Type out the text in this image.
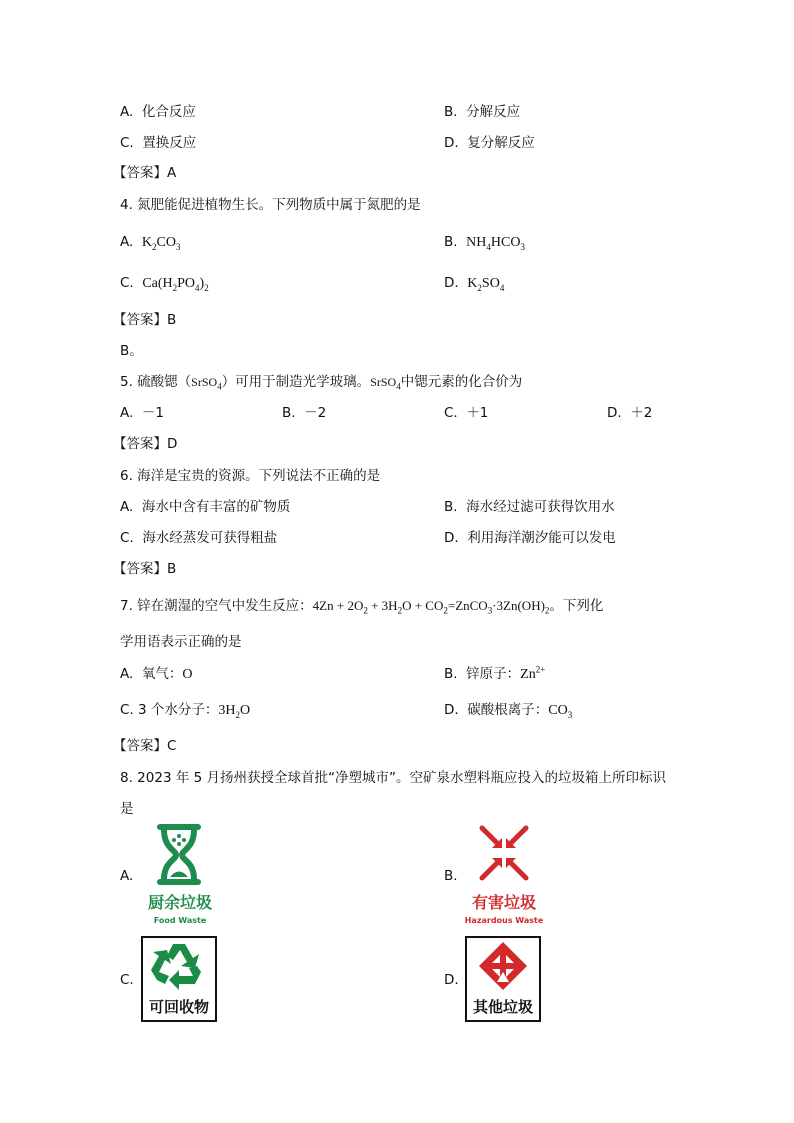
A. 化合反应	B. 分解反应
C. 置换反应	D. 复分解反应
【答案】A
4. 氮肥能促进植物生长。下列物质中属于氮肥的是
A. $K_2CO_3$	B. $NH_4HCO_3$
C. $Ca(H_2PO_4)_2$	D. $K_2SO_4$
【答案】B
B。
5. 硫酸锶（SrSO$_4$）可用于制造光学玻璃。SrSO$_4$中锶元素的化合价为
A. －1	B. －2	C. ＋1	D. ＋2
【答案】D
6. 海洋是宝贵的资源。下列说法不正确的是
A. 海水中含有丰富的矿物质	B. 海水经过滤可获得饮用水
C. 海水经蒸发可获得粗盐	D. 利用海洋潮汐能可以发电
【答案】B
7. 锌在潮湿的空气中发生反应：$4Zn + 2O_2 + 3H_2O$ + $CO_2=ZnCO_3\cdot 3Zn(OH)_2$。下列化
学用语表示正确的是
A. 氧气：O	B. 锌原子：$Zn^{2+}$
C. 3 个水分子：$3H_2O$	D. 碳酸根离子：$CO_3$
【答案】C
8. 2023 年 5 月扬州获授全球首批“净塑城市”。空矿泉水塑料瓶应投入的垃圾箱上所印标识
是
A.	B.
C.	D.
厨余垃圾
Food Waste
有害垃圾
Hazardous Waste
可回收物	其他垃圾
